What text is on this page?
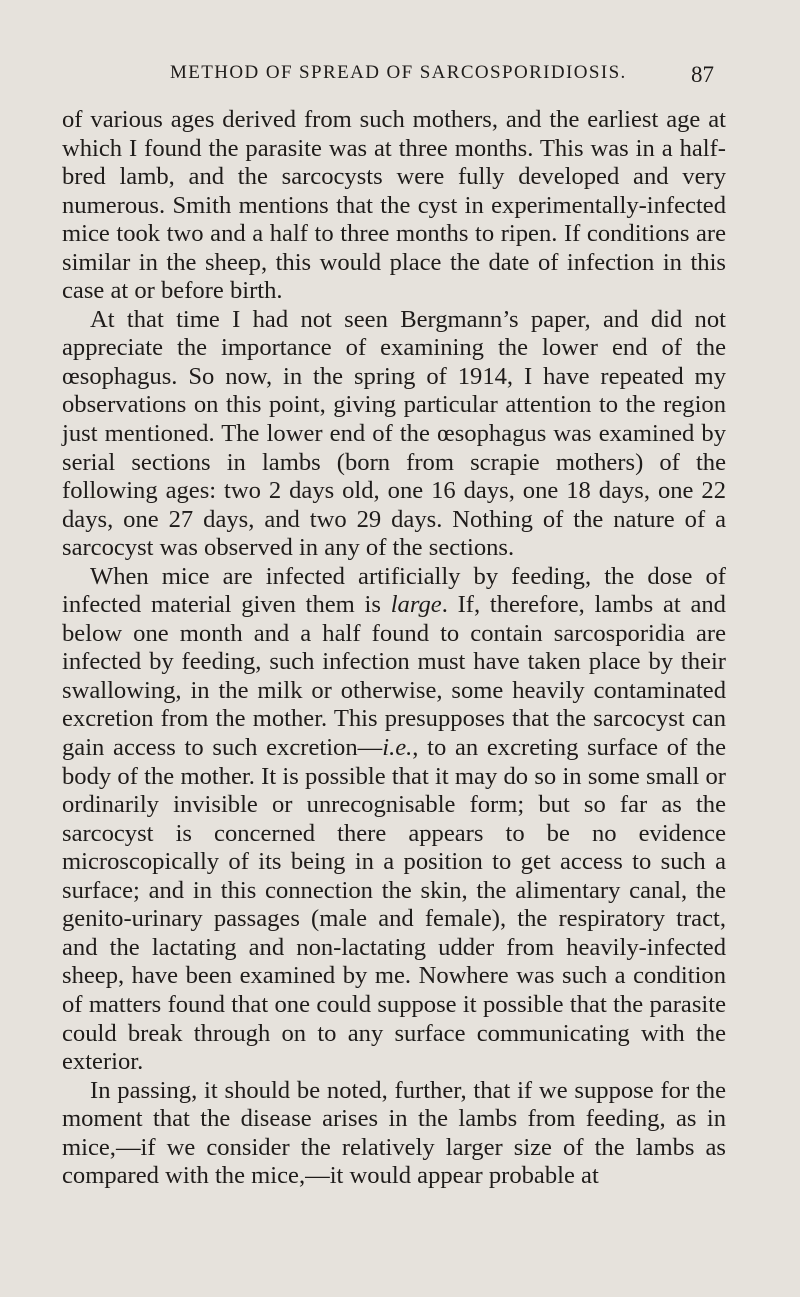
METHOD OF SPREAD OF SARCOSPORIDIOSIS.	87

of various ages derived from such mothers, and the earliest age at which I found the parasite was at three months. This was in a half-bred lamb, and the sarcocysts were fully developed and very numerous. Smith mentions that the cyst in experimentally-infected mice took two and a half to three months to ripen. If conditions are similar in the sheep, this would place the date of infection in this case at or before birth.

At that time I had not seen Bergmann’s paper, and did not appreciate the importance of examining the lower end of the œsophagus. So now, in the spring of 1914, I have repeated my observations on this point, giving particular attention to the region just mentioned. The lower end of the œsophagus was examined by serial sections in lambs (born from scrapie mothers) of the following ages: two 2 days old, one 16 days, one 18 days, one 22 days, one 27 days, and two 29 days. Nothing of the nature of a sarcocyst was observed in any of the sections.

When mice are infected artificially by feeding, the dose of infected material given them is large. If, therefore, lambs at and below one month and a half found to contain sarcosporidia are infected by feeding, such infection must have taken place by their swallowing, in the milk or otherwise, some heavily contaminated excretion from the mother. This presupposes that the sarcocyst can gain access to such excretion—i.e., to an excreting surface of the body of the mother. It is possible that it may do so in some small or ordinarily invisible or unrecognisable form; but so far as the sarcocyst is concerned there appears to be no evidence microscopically of its being in a position to get access to such a surface; and in this connection the skin, the alimentary canal, the genito-urinary passages (male and female), the respiratory tract, and the lactating and non-lactating udder from heavily-infected sheep, have been examined by me. Nowhere was such a condition of matters found that one could suppose it possible that the parasite could break through on to any surface communicating with the exterior.

In passing, it should be noted, further, that if we suppose for the moment that the disease arises in the lambs from feeding, as in mice,—if we consider the relatively larger size of the lambs as compared with the mice,—it would appear probable at
